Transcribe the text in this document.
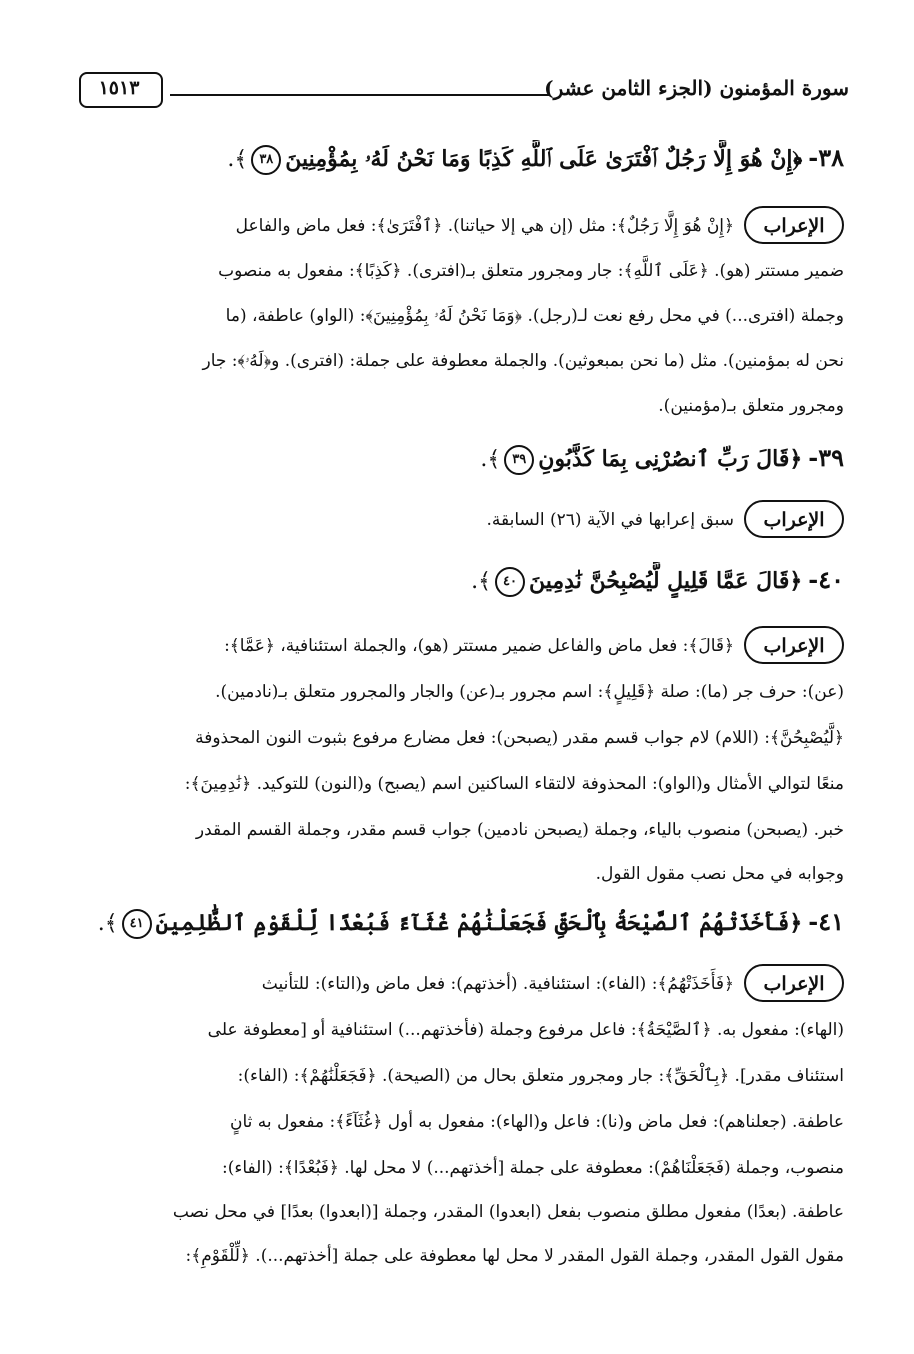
سورة المؤمنون (الجزء الثامن عشر)
١٥١٣
٣٨-﴿إِنْ هُوَ إِلَّا رَجُلٌ ٱفْتَرَىٰ عَلَى ٱللَّهِ كَذِبًا وَمَا نَحْنُ لَهُۥ بِمُؤْمِنِينَ٣٨﴾.
الإعراب
﴿إِنْ هُوَ إِلَّا رَجُلٌ﴾: مثل (إن هي إلا حياتنا). ﴿ٱفْتَرَىٰ﴾: فعل ماض والفاعل
ضمير مستتر (هو). ﴿عَلَى ٱللَّهِ﴾: جار ومجرور متعلق بـ(افترى). ﴿كَذِبًا﴾: مفعول به منصوب
وجملة (افترى...) في محل رفع نعت لـ(رجل). ﴿وَمَا نَحْنُ لَهُۥ بِمُؤْمِنِينَ﴾: (الواو) عاطفة، (ما
نحن له بمؤمنين). مثل (ما نحن بمبعوثين). والجملة معطوفة على جملة: (افترى). و﴿لَهُۥ﴾: جار
ومجرور متعلق بـ(مؤمنين).
٣٩-﴿قَالَ رَبِّ ٱنصُرْنِى بِمَا كَذَّبُونِ٣٩﴾.
الإعراب
سبق إعرابها في الآية (٢٦) السابقة.
٤٠-﴿قَالَ عَمَّا قَلِيلٍ لَّيُصْبِحُنَّ نَٰدِمِينَ٤٠﴾.
الإعراب
﴿قَالَ﴾: فعل ماض والفاعل ضمير مستتر (هو)، والجملة استئنافية، ﴿عَمَّا﴾:
(عن): حرف جر (ما): صلة ﴿قَلِيلٍ﴾: اسم مجرور بـ(عن) والجار والمجرور متعلق بـ(نادمين).
﴿لَّيُصْبِحُنَّ﴾: (اللام) لام جواب قسم مقدر (يصبحن): فعل مضارع مرفوع بثبوت النون المحذوفة
منعًا لتوالي الأمثال و(الواو): المحذوفة لالتقاء الساكنين اسم (يصبح) و(النون) للتوكيد. ﴿نَٰدِمِينَ﴾:
خبر. (يصبحن) منصوب بالياء، وجملة (يصبحن نادمين) جواب قسم مقدر، وجملة القسم المقدر
وجوابه في محل نصب مقول القول.
٤١-﴿فَأَخَذَتْهُمُ ٱلصَّيْحَةُ بِٱلْحَقِّ فَجَعَلْنَٰهُمْ غُثَآءً فَبُعْدًا لِّلْقَوْمِ ٱلظَّٰلِمِينَ٤١﴾.
الإعراب
﴿فَأَخَذَتْهُمُ﴾: (الفاء): استئنافية. (أخذتهم): فعل ماض و(التاء): للتأنيث
(الهاء): مفعول به. ﴿ٱلصَّيْحَةُ﴾: فاعل مرفوع وجملة (فأخذتهم...) استئنافية أو [معطوفة على
استئناف مقدر]. ﴿بِٱلْحَقِّ﴾: جار ومجرور متعلق بحال من (الصيحة). ﴿فَجَعَلْنَٰهُمْ﴾: (الفاء):
عاطفة. (جعلناهم): فعل ماض و(نا): فاعل و(الهاء): مفعول به أول ﴿غُثَآءً﴾: مفعول به ثانٍ
منصوب، وجملة (فَجَعَلْنَاهُمْ): معطوفة على جملة [أخذتهم...) لا محل لها. ﴿فَبُعْدًا﴾: (الفاء):
عاطفة. (بعدًا) مفعول مطلق منصوب بفعل (ابعدوا) المقدر، وجملة [(ابعدوا) بعدًا] في محل نصب
مقول القول المقدر، وجملة القول المقدر لا محل لها معطوفة على جملة [أخذتهم...). ﴿لِّلْقَوْمِ﴾:
